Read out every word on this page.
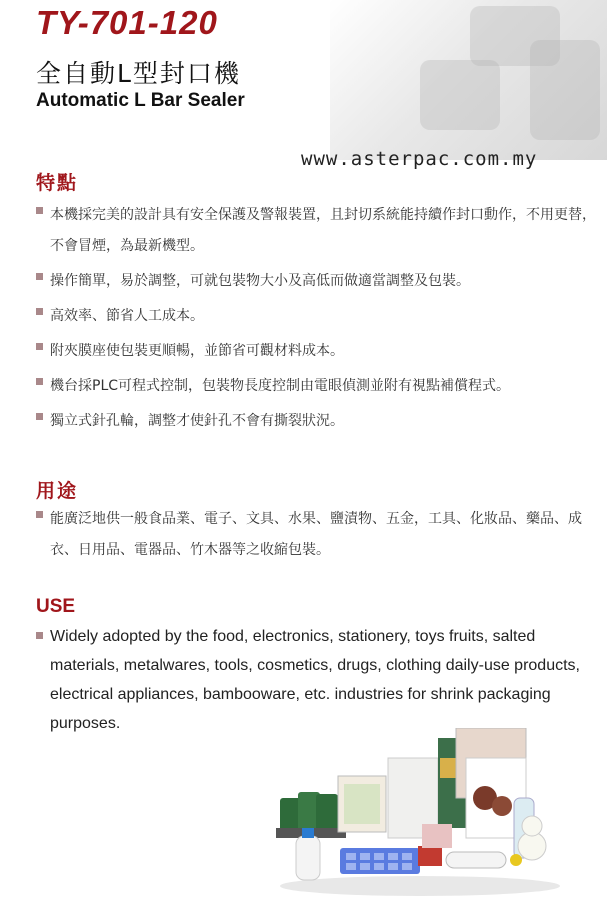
TY-701-120
全自動L型封口機
Automatic L Bar Sealer
www.asterpac.com.my
特點
本機採完美的設計具有安全保護及警報裝置，且封切系統能持續作封口動作，不用更替，不會冒煙，為最新機型。
操作簡單，易於調整，可就包裝物大小及高低而做適當調整及包裝。
高效率、節省人工成本。
附夾膜座使包裝更順暢，並節省可觀材料成本。
機台採PLC可程式控制，包裝物長度控制由電眼偵測並附有視點補償程式。
獨立式針孔輪，調整才使針孔不會有撕裂狀況。
用途
能廣泛地供一般食品業、電子、文具、水果、鹽漬物、五金，工具、化妝品、藥品、成衣、日用品、電器品、竹木器等之收縮包裝。
USE
Widely adopted by the food, electronics, stationery, toys fruits, salted materials, metalwares, tools, cosmetics, drugs, clothing daily-use products, electrical appliances, bambooware, etc. industries for shrink packaging purposes.
